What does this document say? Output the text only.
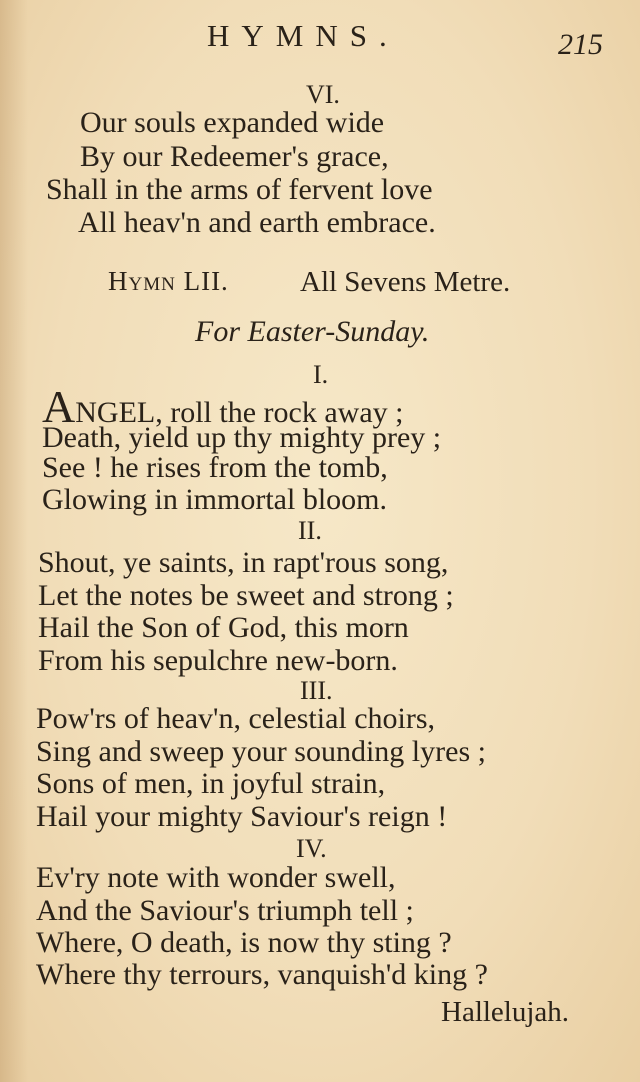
HYMNS.	215
VI.
Our souls expanded wide
By our Redeemer's grace,
Shall in the arms of fervent love
All heav'n and earth embrace.
Hymn LII. All Sevens Metre.
For Easter-Sunday.
I.
ANGEL, roll the rock away ;
Death, yield up thy mighty prey ;
See ! he rises from the tomb,
Glowing in immortal bloom.
II.
Shout, ye saints, in rapt'rous song,
Let the notes be sweet and strong ;
Hail the Son of God, this morn
From his sepulchre new-born.
III.
Pow'rs of heav'n, celestial choirs,
Sing and sweep your sounding lyres ;
Sons of men, in joyful strain,
Hail your mighty Saviour's reign !
IV.
Ev'ry note with wonder swell,
And the Saviour's triumph tell ;
Where, O death, is now thy sting ?
Where thy terrours, vanquish'd king ?
Hallelujah.
